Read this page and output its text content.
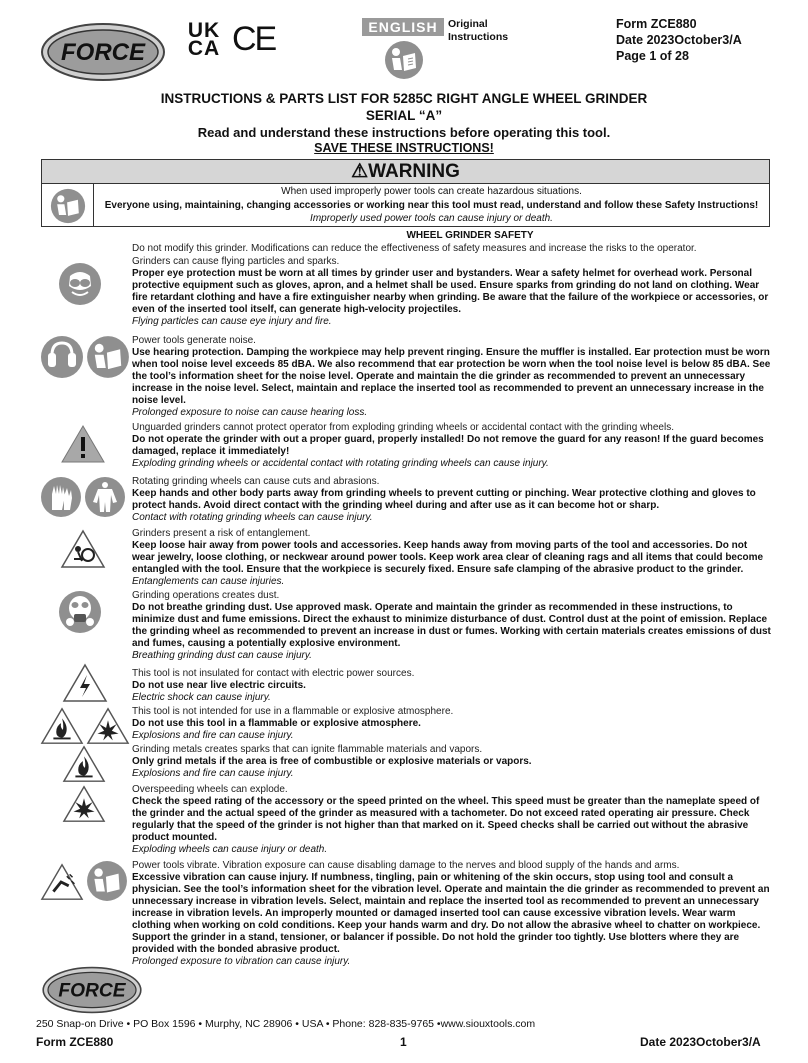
FORCE
UK
CA CE	ENGLISH Original
Instructions
Form ZCE880
Date 2023October3/A
Page 1 of 28
INSTRUCTIONS & PARTS LIST FOR 5285C RIGHT ANGLE WHEEL GRINDER
SERIAL “A”
Read and understand these instructions before operating this tool.
SAVE THESE INSTRUCTIONS!
⚠WARNING
When used improperly power tools can create hazardous situations.
Everyone using, maintaining, changing accessories or working near this tool must read, understand and follow these Safety Instructions!
Improperly used power tools can cause injury or death.
WHEEL GRINDER SAFETY
Do not modify this grinder. Modifications can reduce the effectiveness of safety measures and increase the risks to the operator.
Grinders can cause flying particles and sparks.
Proper eye protection must be worn at all times by grinder user and bystanders. Wear a safety helmet for overhead work. Personal protective equipment such as gloves, apron, and a helmet shall be used. Ensure sparks from grinding do not land on clothing. Wear fire retardant clothing and have a fire extinguisher nearby when grinding. Be aware that the failure of the workpiece or accessories, or even of the inserted tool itself, can generate high-velocity projectiles.
Flying particles can cause eye injury and fire.
Power tools generate noise.
Use hearing protection. Damping the workpiece may help prevent ringing. Ensure the muffler is installed. Ear protection must be worn when tool noise level exceeds 85 dBA. We also recommend that ear protection be worn when the tool noise level is below 85 dBA. See the tool’s information sheet for the noise level. Operate and maintain the die grinder as recommended to prevent an unnecessary increase in the noise level. Select, maintain and replace the inserted tool as recommended to prevent an unnecessary increase in the noise level.
Prolonged exposure to noise can cause hearing loss.
Unguarded grinders cannot protect operator from exploding grinding wheels or accidental contact with the grinding wheels.
Do not operate the grinder with out a proper guard, properly installed! Do not remove the guard for any reason! If the guard becomes damaged, replace it immediately!
Exploding grinding wheels or accidental contact with rotating grinding wheels can cause injury.
Rotating grinding wheels can cause cuts and abrasions.
Keep hands and other body parts away from grinding wheels to prevent cutting or pinching. Wear protective clothing and gloves to protect hands. Avoid direct contact with the grinding wheel during and after use as it can become hot or sharp.
Contact with rotating grinding wheels can cause injury.
Grinders present a risk of entanglement.
Keep loose hair away from power tools and accessories. Keep hands away from moving parts of the tool and accessories. Do not wear jewelry, loose clothing, or neckwear around power tools. Keep work area clear of cleaning rags and all items that could become entangled with the tool. Ensure that the workpiece is securely fixed. Ensure safe clamping of the abrasive product to the grinder.
Entanglements can cause injuries.
Grinding operations creates dust.
Do not breathe grinding dust. Use approved mask. Operate and maintain the grinder as recommended in these instructions, to minimize dust and fume emissions. Direct the exhaust to minimize disturbance of dust. Control dust at the point of emission. Replace the grinding wheel as recommended to prevent an increase in dust or fumes. Working with certain materials creates emissions of dust and fumes, causing a potentially explosive environment.
Breathing grinding dust can cause injury.
This tool is not insulated for contact with electric power sources.
Do not use near live electric circuits.
Electric shock can cause injury.
This tool is not intended for use in a flammable or explosive atmosphere.
Do not use this tool in a flammable or explosive atmosphere.
Explosions and fire can cause injury.
Grinding metals creates sparks that can ignite flammable materials and vapors.
Only grind metals if the area is free of combustible or explosive materials or vapors.
Explosions and fire can cause injury.
Overspeeding wheels can explode.
Check the speed rating of the accessory or the speed printed on the wheel. This speed must be greater than the nameplate speed of the grinder and the actual speed of the grinder as measured with a tachometer. Do not exceed rated operating air pressure. Check regularly that the speed of the grinder is not higher than that marked on it. Speed checks shall be carried out without the abrasive product mounted.
Exploding wheels can cause injury or death.
Power tools vibrate. Vibration exposure can cause disabling damage to the nerves and blood supply of the hands and arms.
Excessive vibration can cause injury. If numbness, tingling, pain or whitening of the skin occurs, stop using tool and consult a physician. See the tool’s information sheet for the vibration level. Operate and maintain the die grinder as recommended to prevent an unnecessary increase in vibration levels. Select, maintain and replace the inserted tool as recommended to prevent an unnecessary increase in vibration levels. An improperly mounted or damaged inserted tool can cause excessive vibration levels. Wear warm clothing when working on cold conditions. Keep your hands warm and dry. Do not allow the abrasive wheel to chatter on workpiece. Support the grinder in a stand, tensioner, or balancer if possible. Do not hold the grinder too tightly. Use blotters where they are provided with the bonded abrasive product.
Prolonged exposure to vibration can cause injury.
FORCE
250 Snap-on Drive • PO Box 1596 • Murphy, NC 28906 • USA • Phone: 828-835-9765 •www.siouxtools.com
Form ZCE880	1	Date 2023October3/A
